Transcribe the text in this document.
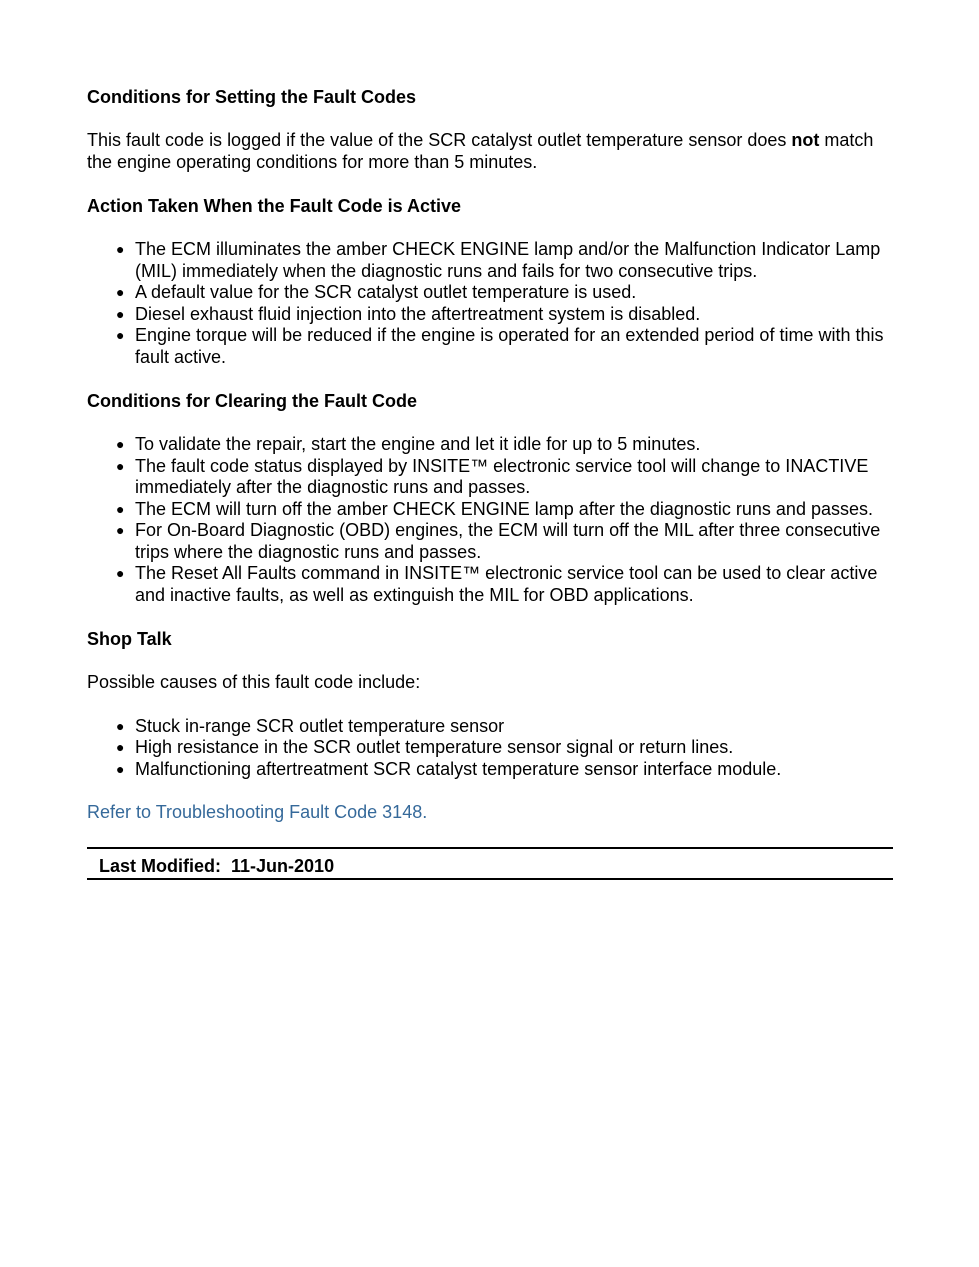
Conditions for Setting the Fault Codes

This fault code is logged if the value of the SCR catalyst outlet temperature sensor does not match the engine operating conditions for more than 5 minutes.

Action Taken When the Fault Code is Active
● The ECM illuminates the amber CHECK ENGINE lamp and/or the Malfunction Indicator Lamp (MIL) immediately when the diagnostic runs and fails for two consecutive trips.
● A default value for the SCR catalyst outlet temperature is used.
● Diesel exhaust fluid injection into the aftertreatment system is disabled.
● Engine torque will be reduced if the engine is operated for an extended period of time with this fault active.
Conditions for Clearing the Fault Code
● To validate the repair, start the engine and let it idle for up to 5 minutes.
● The fault code status displayed by INSITE™ electronic service tool will change to INACTIVE immediately after the diagnostic runs and passes.
● The ECM will turn off the amber CHECK ENGINE lamp after the diagnostic runs and passes.
● For On-Board Diagnostic (OBD) engines, the ECM will turn off the MIL after three consecutive trips where the diagnostic runs and passes.
● The Reset All Faults command in INSITE™ electronic service tool can be used to clear active and inactive faults, as well as extinguish the MIL for OBD applications.
Shop Talk

Possible causes of this fault code include:

● Stuck in-range SCR outlet temperature sensor
● High resistance in the SCR outlet temperature sensor signal or return lines.
● Malfunctioning aftertreatment SCR catalyst temperature sensor interface module.

Refer to Troubleshooting Fault Code 3148.

Last Modified: 11-Jun-2010
